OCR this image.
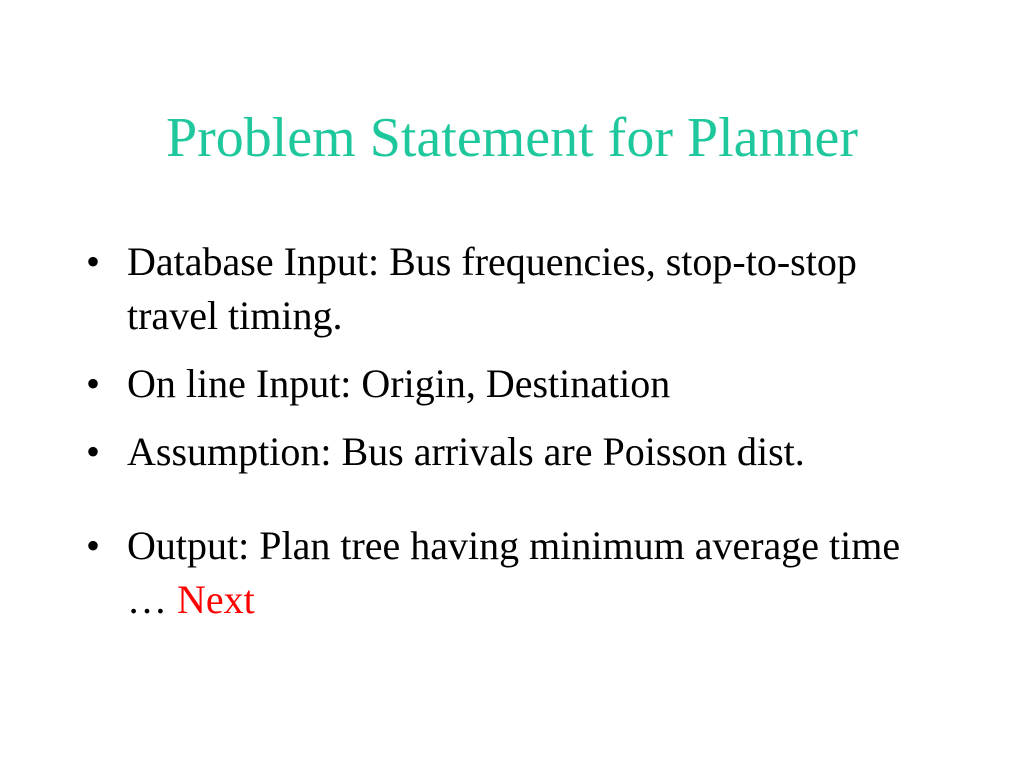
Problem Statement for Planner
• Database Input: Bus frequencies, stop-to-stop travel timing.
• On line Input: Origin, Destination
• Assumption: Bus arrivals are Poisson dist.
• Output: Plan tree having minimum average time … Next
